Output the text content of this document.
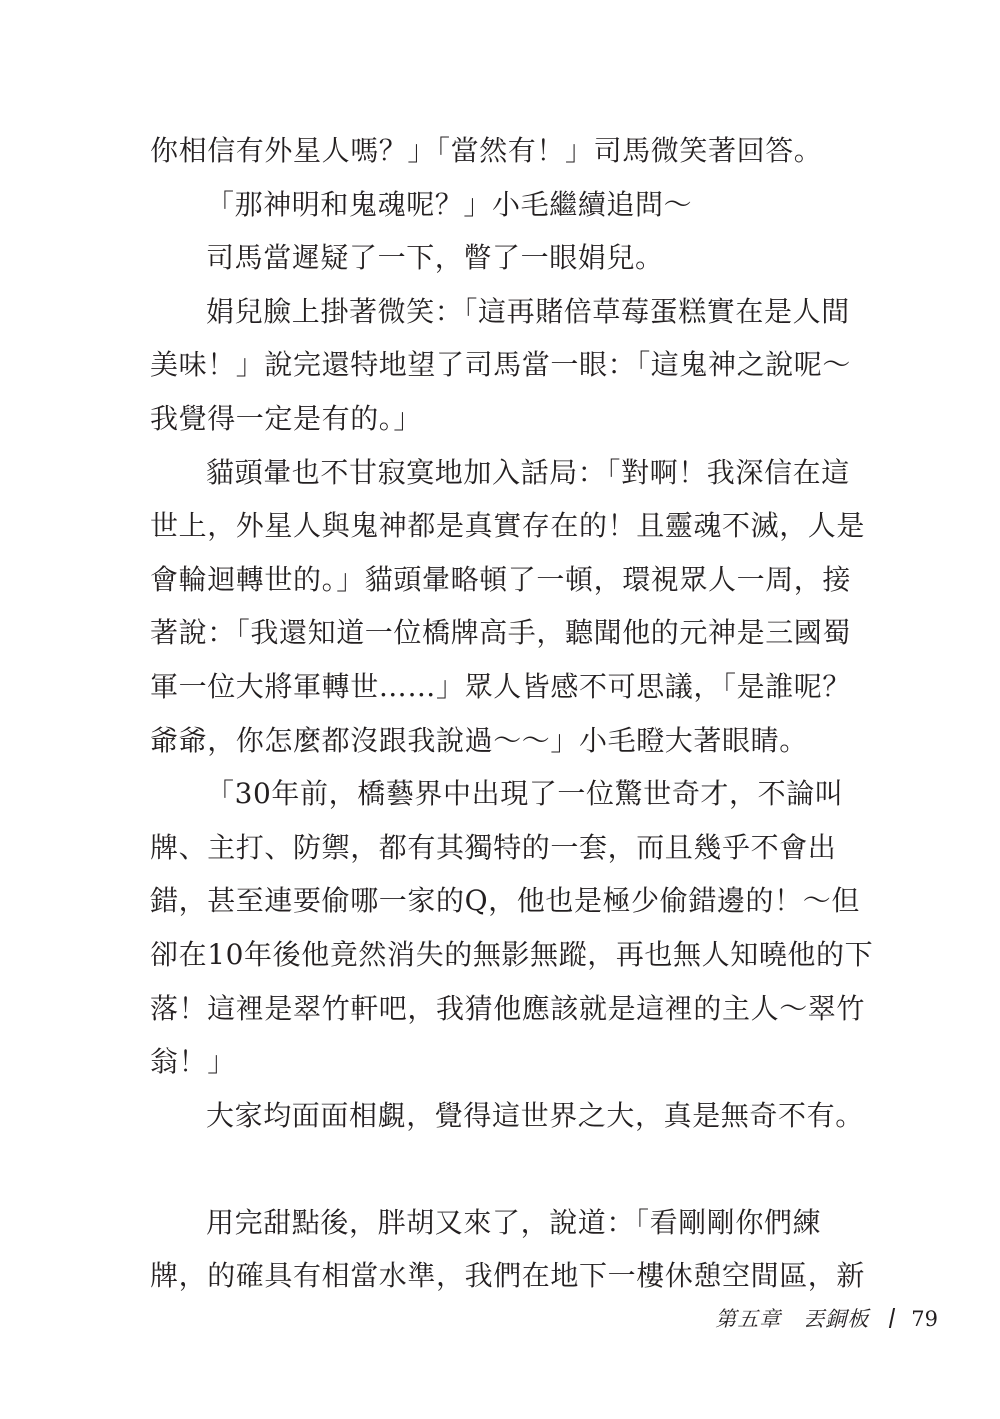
你相信有外星人嗎？」「當然有！」司馬微笑著回答。

「那神明和鬼魂呢？」小毛繼續追問～

司馬當遲疑了一下，瞥了一眼娟兒。

娟兒臉上掛著微笑：「這再賭倍草莓蛋糕實在是人間
美味！」說完還特地望了司馬當一眼：「這鬼神之說呢～
我覺得一定是有的。」

貓頭暈也不甘寂寞地加入話局：「對啊！我深信在這
世上，外星人與鬼神都是真實存在的！且靈魂不滅，人是
會輪迴轉世的。」貓頭暈略頓了一頓，環視眾人一周，接
著說：「我還知道一位橋牌高手，聽聞他的元神是三國蜀
軍一位大將軍轉世……」眾人皆感不可思議，「是誰呢？
爺爺，你怎麼都沒跟我說過～～」小毛瞪大著眼睛。

「30年前，橋藝界中出現了一位驚世奇才，不論叫
牌、主打、防禦，都有其獨特的一套，而且幾乎不會出
錯，甚至連要偷哪一家的Q，他也是極少偷錯邊的！～但
卻在10年後他竟然消失的無影無蹤，再也無人知曉他的下
落！這裡是翠竹軒吧，我猜他應該就是這裡的主人～翠竹
翁！」

大家均面面相覷，覺得這世界之大，真是無奇不有。

用完甜點後，胖胡又來了，說道：「看剛剛你們練
牌，的確具有相當水準，我們在地下一樓休憩空間區，新

第五章 丟銅板 79
